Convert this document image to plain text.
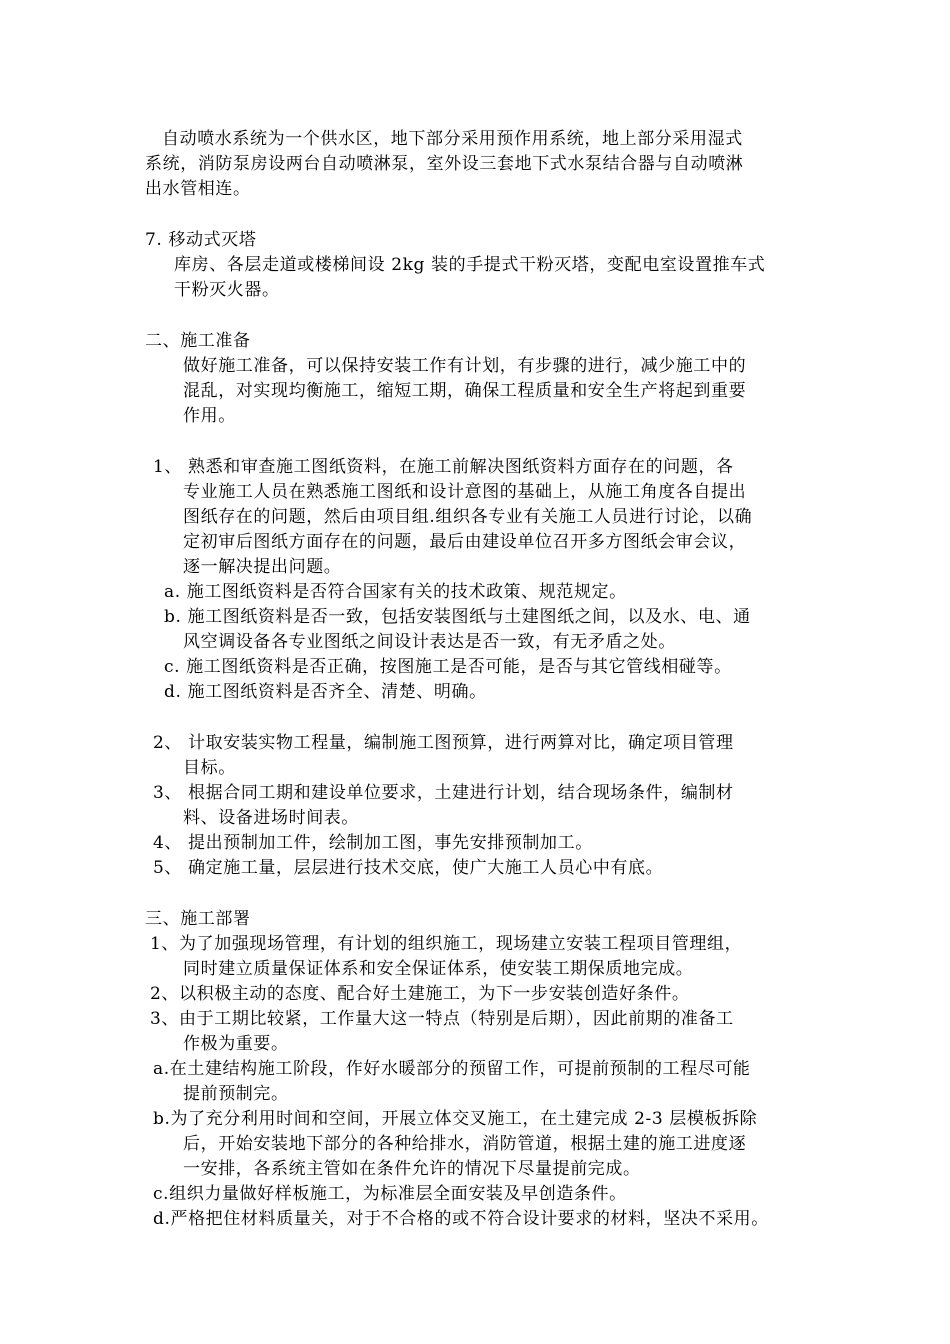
自动喷水系统为一个供水区，地下部分采用预作用系统，地上部分采用湿式
系统，消防泵房设两台自动喷淋泵，室外设三套地下式水泵结合器与自动喷淋
出水管相连。
7. 移动式灭塔
库房、各层走道或楼梯间设 2kg 装的手提式干粉灭塔，变配电室设置推车式
干粉灭火器。
二、施工准备
做好施工准备，可以保持安装工作有计划，有步骤的进行，减少施工中的
混乱，对实现均衡施工，缩短工期，确保工程质量和安全生产将起到重要
作用。
1、 熟悉和审查施工图纸资料，在施工前解决图纸资料方面存在的问题，各
专业施工人员在熟悉施工图纸和设计意图的基础上，从施工角度各自提出
图纸存在的问题，然后由项目组.组织各专业有关施工人员进行讨论，以确
定初审后图纸方面存在的问题，最后由建设单位召开多方图纸会审会议，
逐一解决提出问题。
a. 施工图纸资料是否符合国家有关的技术政策、规范规定。
b. 施工图纸资料是否一致，包括安装图纸与土建图纸之间，以及水、电、通
风空调设备各专业图纸之间设计表达是否一致，有无矛盾之处。
c. 施工图纸资料是否正确，按图施工是否可能，是否与其它管线相碰等。
d. 施工图纸资料是否齐全、清楚、明确。
2、 计取安装实物工程量，编制施工图预算，进行两算对比，确定项目管理
目标。
3、 根据合同工期和建设单位要求，土建进行计划，结合现场条件，编制材
料、设备进场时间表。
4、 提出预制加工件，绘制加工图，事先安排预制加工。
5、 确定施工量，层层进行技术交底，使广大施工人员心中有底。
三、施工部署
1、为了加强现场管理，有计划的组织施工，现场建立安装工程项目管理组，
同时建立质量保证体系和安全保证体系，使安装工期保质地完成。
2、以积极主动的态度、配合好土建施工，为下一步安装创造好条件。
3、由于工期比较紧，工作量大这一特点（特别是后期），因此前期的准备工
作极为重要。
a.在土建结构施工阶段，作好水暖部分的预留工作，可提前预制的工程尽可能
提前预制完。
b.为了充分利用时间和空间，开展立体交叉施工，在土建完成 2-3 层模板拆除
后，开始安装地下部分的各种给排水，消防管道，根据土建的施工进度逐
一安排，各系统主管如在条件允许的情况下尽量提前完成。
c.组织力量做好样板施工，为标准层全面安装及早创造条件。
d.严格把住材料质量关，对于不合格的或不符合设计要求的材料，坚决不采用。
